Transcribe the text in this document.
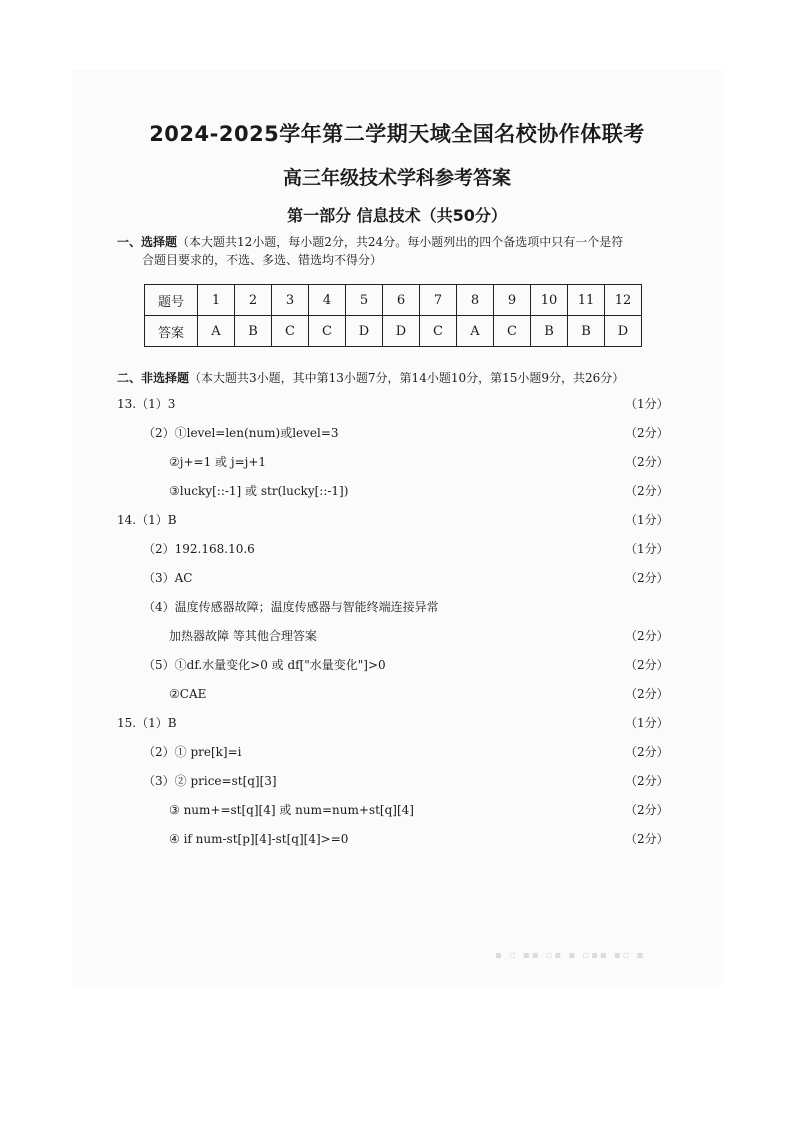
2024-2025学年第二学期天域全国名校协作体联考
高三年级技术学科参考答案
第一部分 信息技术（共50分）
一、选择题（本大题共12小题，每小题2分，共24分。每小题列出的四个备选项中只有一个是符
合题目要求的，不选、多选、错选均不得分）
题号	1	2	3	4	5	6	7	8	9	10	11	12
答案	A	B	C	C	D	D	C	A	C	B	B	D
二、非选择题（本大题共3小题，其中第13小题7分，第14小题10分，第15小题9分，共26分）
13.（1）3	（1分）
（2）①level=len(num)或level=3	（2分）
②j+=1 或 j=j+1	（2分）
③lucky[::-1] 或 str(lucky[::-1])	（2分）
14.（1）B	（1分）
（2）192.168.10.6	（1分）
（3）AC	（2分）
（4）温度传感器故障；温度传感器与智能终端连接异常
加热器故障 等其他合理答案	（2分）
（5）①df.水量变化>0 或 df["水量变化"]>0	（2分）
②CAE	（2分）
15.（1）B	（1分）
（2）① pre[k]=i	（2分）
（3）② price=st[q][3]	（2分）
③ num+=st[q][4] 或 num=num+st[q][4]	（2分）
④ if num-st[p][4]-st[q][4]>=0	（2分）
▪ ▫ ▪▪ ▫▪ ▪ ▫▪▪ ▪▫ ▪
